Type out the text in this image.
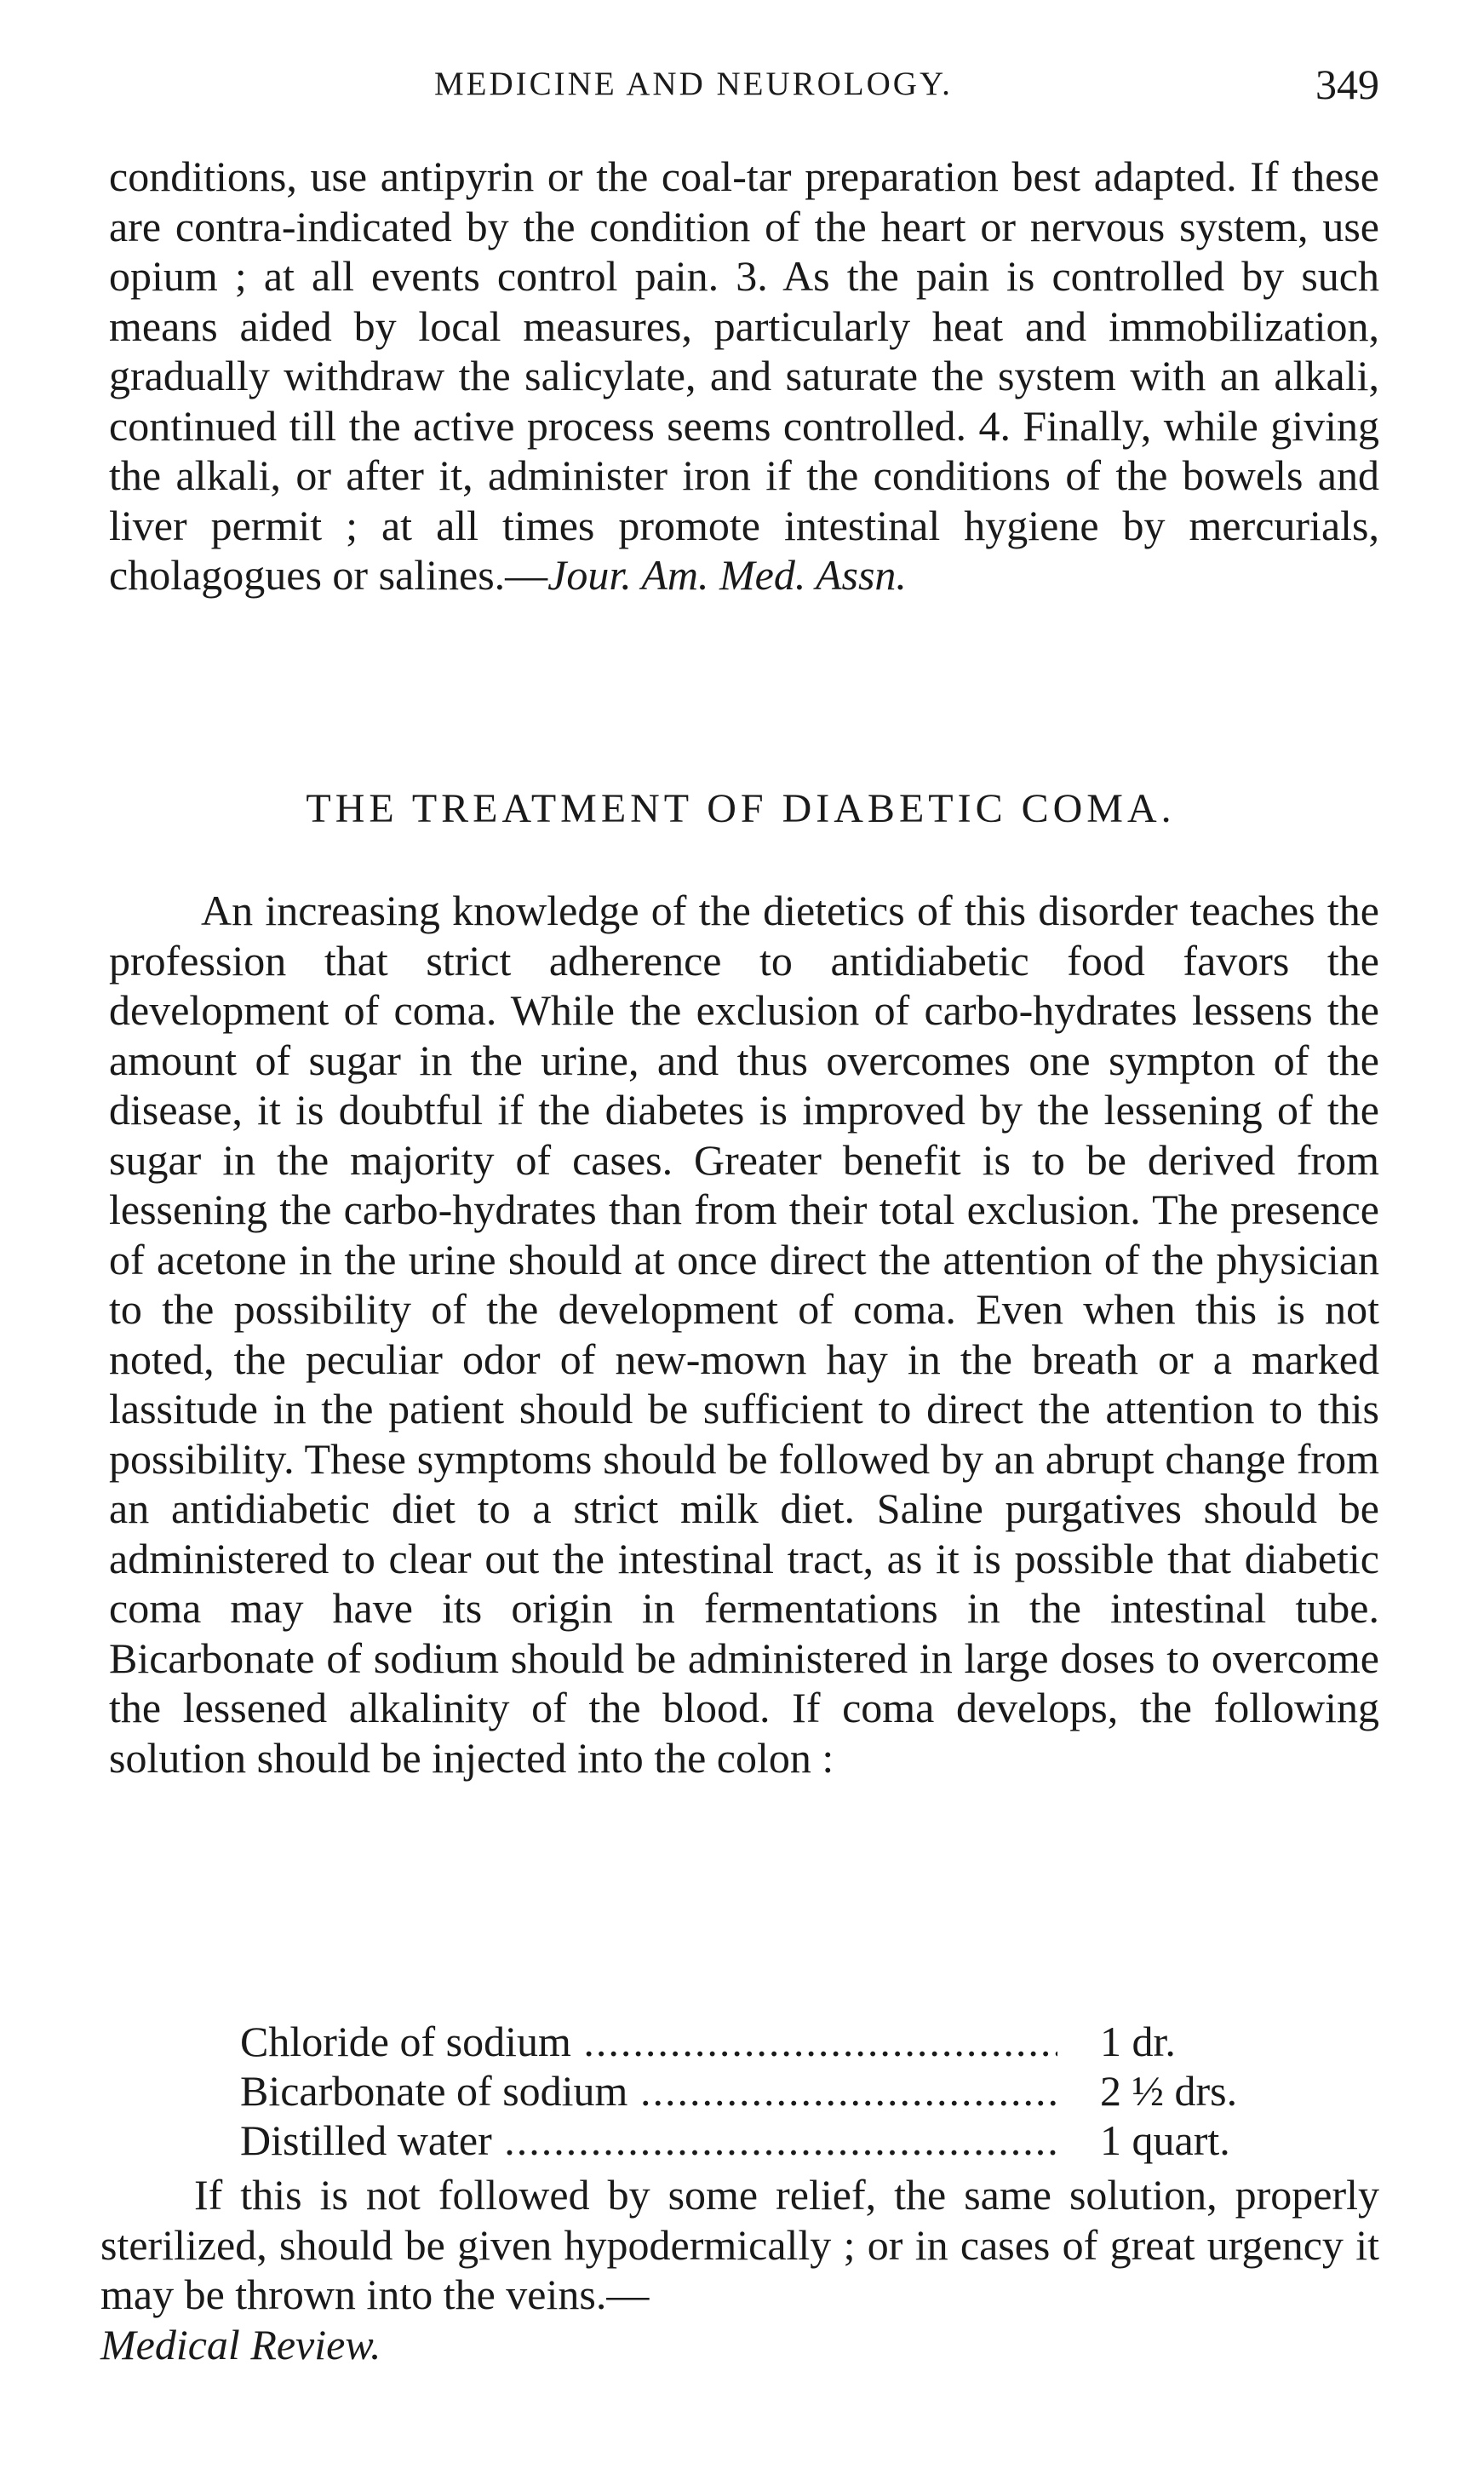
MEDICINE AND NEUROLOGY.	349

conditions, use antipyrin or the coal-tar preparation best adapted. If these are contra-indicated by the condition of the heart or nervous system, use opium ; at all events control pain. 3. As the pain is controlled by such means aided by local measures, particularly heat and immobilization, gradually withdraw the salicylate, and saturate the system with an alkali, continued till the active process seems controlled. 4. Finally, while giving the alkali, or after it, administer iron if the conditions of the bowels and liver permit ; at all times promote intestinal hygiene by mercurials, cholagogues or salines.—Jour. Am. Med. Assn.

THE TREATMENT OF DIABETIC COMA.

An increasing knowledge of the dietetics of this disorder teaches the profession that strict adherence to antidiabetic food favors the development of coma. While the exclusion of carbo-hydrates lessens the amount of sugar in the urine, and thus overcomes one sympton of the disease, it is doubtful if the diabetes is improved by the lessening of the sugar in the majority of cases. Greater benefit is to be derived from lessening the carbo-hydrates than from their total exclusion. The presence of acetone in the urine should at once direct the attention of the physician to the possibility of the development of coma. Even when this is not noted, the peculiar odor of new-mown hay in the breath or a marked lassitude in the patient should be sufficient to direct the attention to this possibility. These symptoms should be followed by an abrupt change from an antidiabetic diet to a strict milk diet. Saline purgatives should be administered to clear out the intestinal tract, as it is possible that diabetic coma may have its origin in fermentations in the intestinal tube. Bicarbonate of sodium should be administered in large doses to overcome the lessened alkalinity of the blood. If coma develops, the following solution should be injected into the colon :

Chloride of sodium .....	1 dr.
Bicarbonate of sodium .....	2 ½ drs.
Distilled water .....	1 quart.

If this is not followed by some relief, the same solution, properly sterilized, should be given hypodermically ; or in cases of great urgency it may be thrown into the veins.—
Medical Review.
